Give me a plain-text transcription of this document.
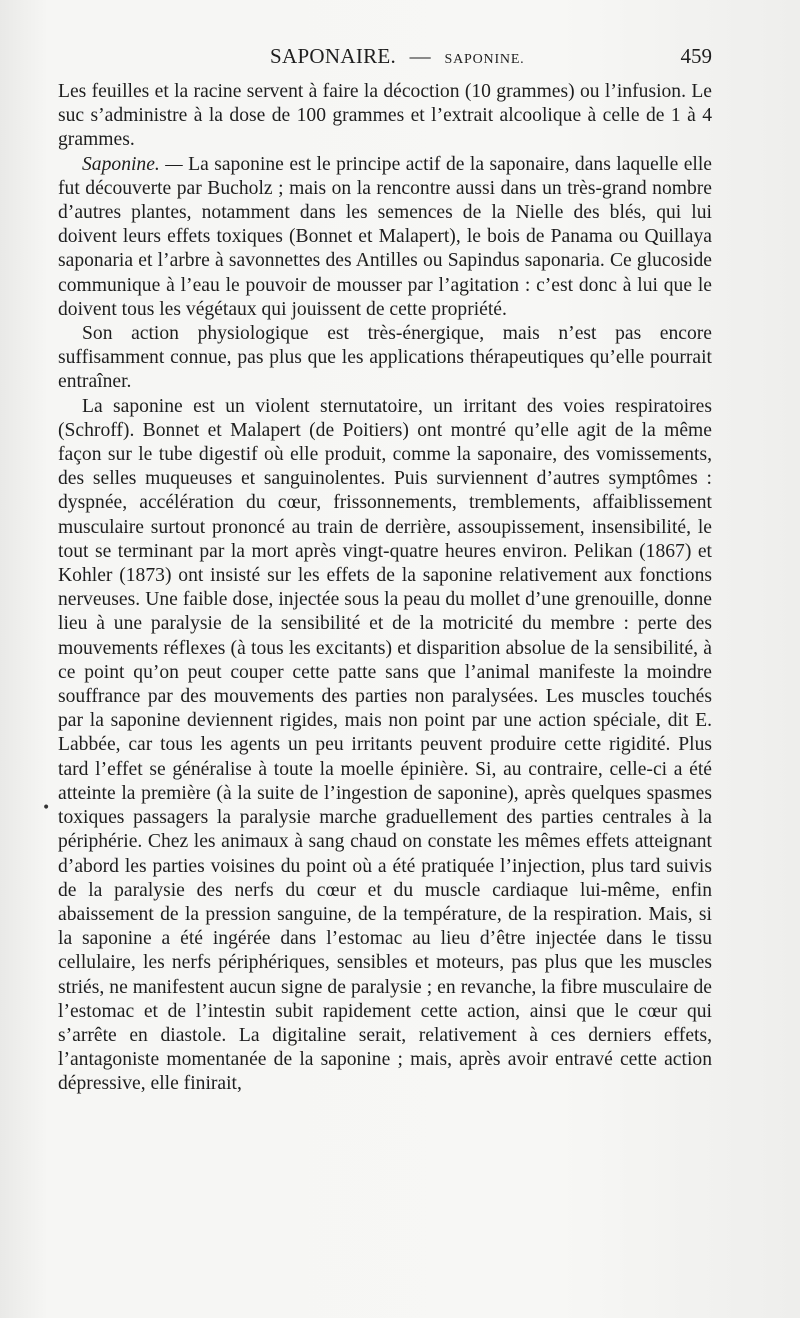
SAPONAIRE. — SAPONINE.	459
•

Les feuilles et la racine servent à faire la décoction (10 grammes) ou l’infusion. Le suc s’administre à la dose de 100 grammes et l’extrait alcoolique à celle de 1 à 4 grammes.

Saponine. — La saponine est le principe actif de la saponaire, dans laquelle elle fut découverte par Bucholz ; mais on la rencontre aussi dans un très-grand nombre d’autres plantes, notamment dans les semences de la Nielle des blés, qui lui doivent leurs effets toxiques (Bonnet et Malapert), le bois de Panama ou Quillaya saponaria et l’arbre à savonnettes des Antilles ou Sapindus saponaria. Ce glucoside communique à l’eau le pouvoir de mousser par l’agitation : c’est donc à lui que le doivent tous les végétaux qui jouissent de cette propriété.

Son action physiologique est très-énergique, mais n’est pas encore suffisamment connue, pas plus que les applications thérapeutiques qu’elle pourrait entraîner.

La saponine est un violent sternutatoire, un irritant des voies respiratoires (Schroff). Bonnet et Malapert (de Poitiers) ont montré qu’elle agit de la même façon sur le tube digestif où elle produit, comme la saponaire, des vomissements, des selles muqueuses et sanguinolentes. Puis surviennent d’autres symptômes : dyspnée, accélération du cœur, frissonnements, tremblements, affaiblissement musculaire surtout prononcé au train de derrière, assoupissement, insensibilité, le tout se terminant par la mort après vingt-quatre heures environ. Pelikan (1867) et Kohler (1873) ont insisté sur les effets de la saponine relativement aux fonctions nerveuses. Une faible dose, injectée sous la peau du mollet d’une grenouille, donne lieu à une paralysie de la sensibilité et de la motricité du membre : perte des mouvements réflexes (à tous les excitants) et disparition absolue de la sensibilité, à ce point qu’on peut couper cette patte sans que l’animal manifeste la moindre souffrance par des mouvements des parties non paralysées. Les muscles touchés par la saponine deviennent rigides, mais non point par une action spéciale, dit E. Labbée, car tous les agents un peu irritants peuvent produire cette rigidité. Plus tard l’effet se généralise à toute la moelle épinière. Si, au contraire, celle-ci a été atteinte la première (à la suite de l’ingestion de saponine), après quelques spasmes toxiques passagers la paralysie marche graduellement des parties centrales à la périphérie. Chez les animaux à sang chaud on constate les mêmes effets atteignant d’abord les parties voisines du point où a été pratiquée l’injection, plus tard suivis de la paralysie des nerfs du cœur et du muscle cardiaque lui-même, enfin abaissement de la pression sanguine, de la température, de la respiration. Mais, si la saponine a été ingérée dans l’estomac au lieu d’être injectée dans le tissu cellulaire, les nerfs périphériques, sensibles et moteurs, pas plus que les muscles striés, ne manifestent aucun signe de paralysie ; en revanche, la fibre musculaire de l’estomac et de l’intestin subit rapidement cette action, ainsi que le cœur qui s’arrête en diastole. La digitaline serait, relativement à ces derniers effets, l’antagoniste momentanée de la saponine ; mais, après avoir entravé cette action dépressive, elle finirait,
